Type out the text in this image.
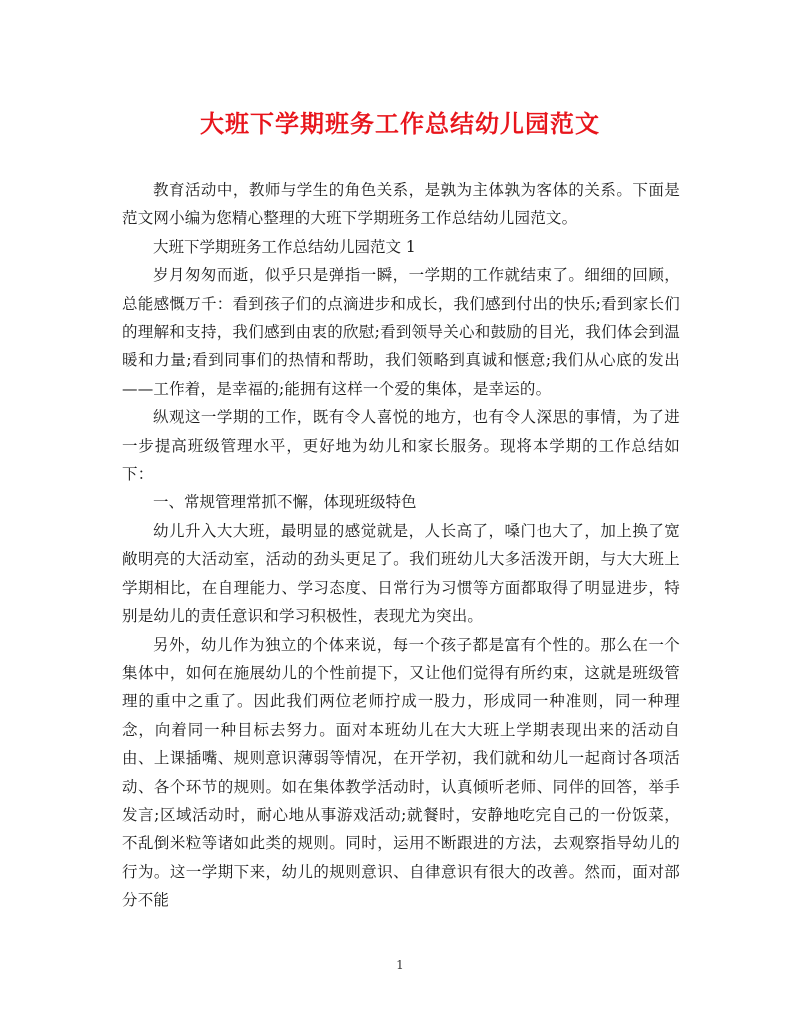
大班下学期班务工作总结幼儿园范文

教育活动中，教师与学生的角色关系，是孰为主体孰为客体的关系。下面是范文网小编为您精心整理的大班下学期班务工作总结幼儿园范文。

大班下学期班务工作总结幼儿园范文 1

岁月匆匆而逝，似乎只是弹指一瞬，一学期的工作就结束了。细细的回顾，总能感慨万千：看到孩子们的点滴进步和成长，我们感到付出的快乐;看到家长们的理解和支持，我们感到由衷的欣慰;看到领导关心和鼓励的目光，我们体会到温暖和力量;看到同事们的热情和帮助，我们领略到真诚和惬意;我们从心底的发出——工作着，是幸福的;能拥有这样一个爱的集体，是幸运的。

纵观这一学期的工作，既有令人喜悦的地方，也有令人深思的事情，为了进一步提高班级管理水平，更好地为幼儿和家长服务。现将本学期的工作总结如下：

一、常规管理常抓不懈，体现班级特色

幼儿升入大大班，最明显的感觉就是，人长高了，嗓门也大了，加上换了宽敞明亮的大活动室，活动的劲头更足了。我们班幼儿大多活泼开朗，与大大班上学期相比，在自理能力、学习态度、日常行为习惯等方面都取得了明显进步，特别是幼儿的责任意识和学习积极性，表现尤为突出。

另外，幼儿作为独立的个体来说，每一个孩子都是富有个性的。那么在一个集体中，如何在施展幼儿的个性前提下，又让他们觉得有所约束，这就是班级管理的重中之重了。因此我们两位老师拧成一股力，形成同一种准则，同一种理念，向着同一种目标去努力。面对本班幼儿在大大班上学期表现出来的活动自由、上课插嘴、规则意识薄弱等情况，在开学初，我们就和幼儿一起商讨各项活动、各个环节的规则。如在集体教学活动时，认真倾听老师、同伴的回答，举手发言;区域活动时，耐心地从事游戏活动;就餐时，安静地吃完自己的一份饭菜，不乱倒米粒等诸如此类的规则。同时，运用不断跟进的方法，去观察指导幼儿的行为。这一学期下来，幼儿的规则意识、自律意识有很大的改善。然而，面对部分不能

1
